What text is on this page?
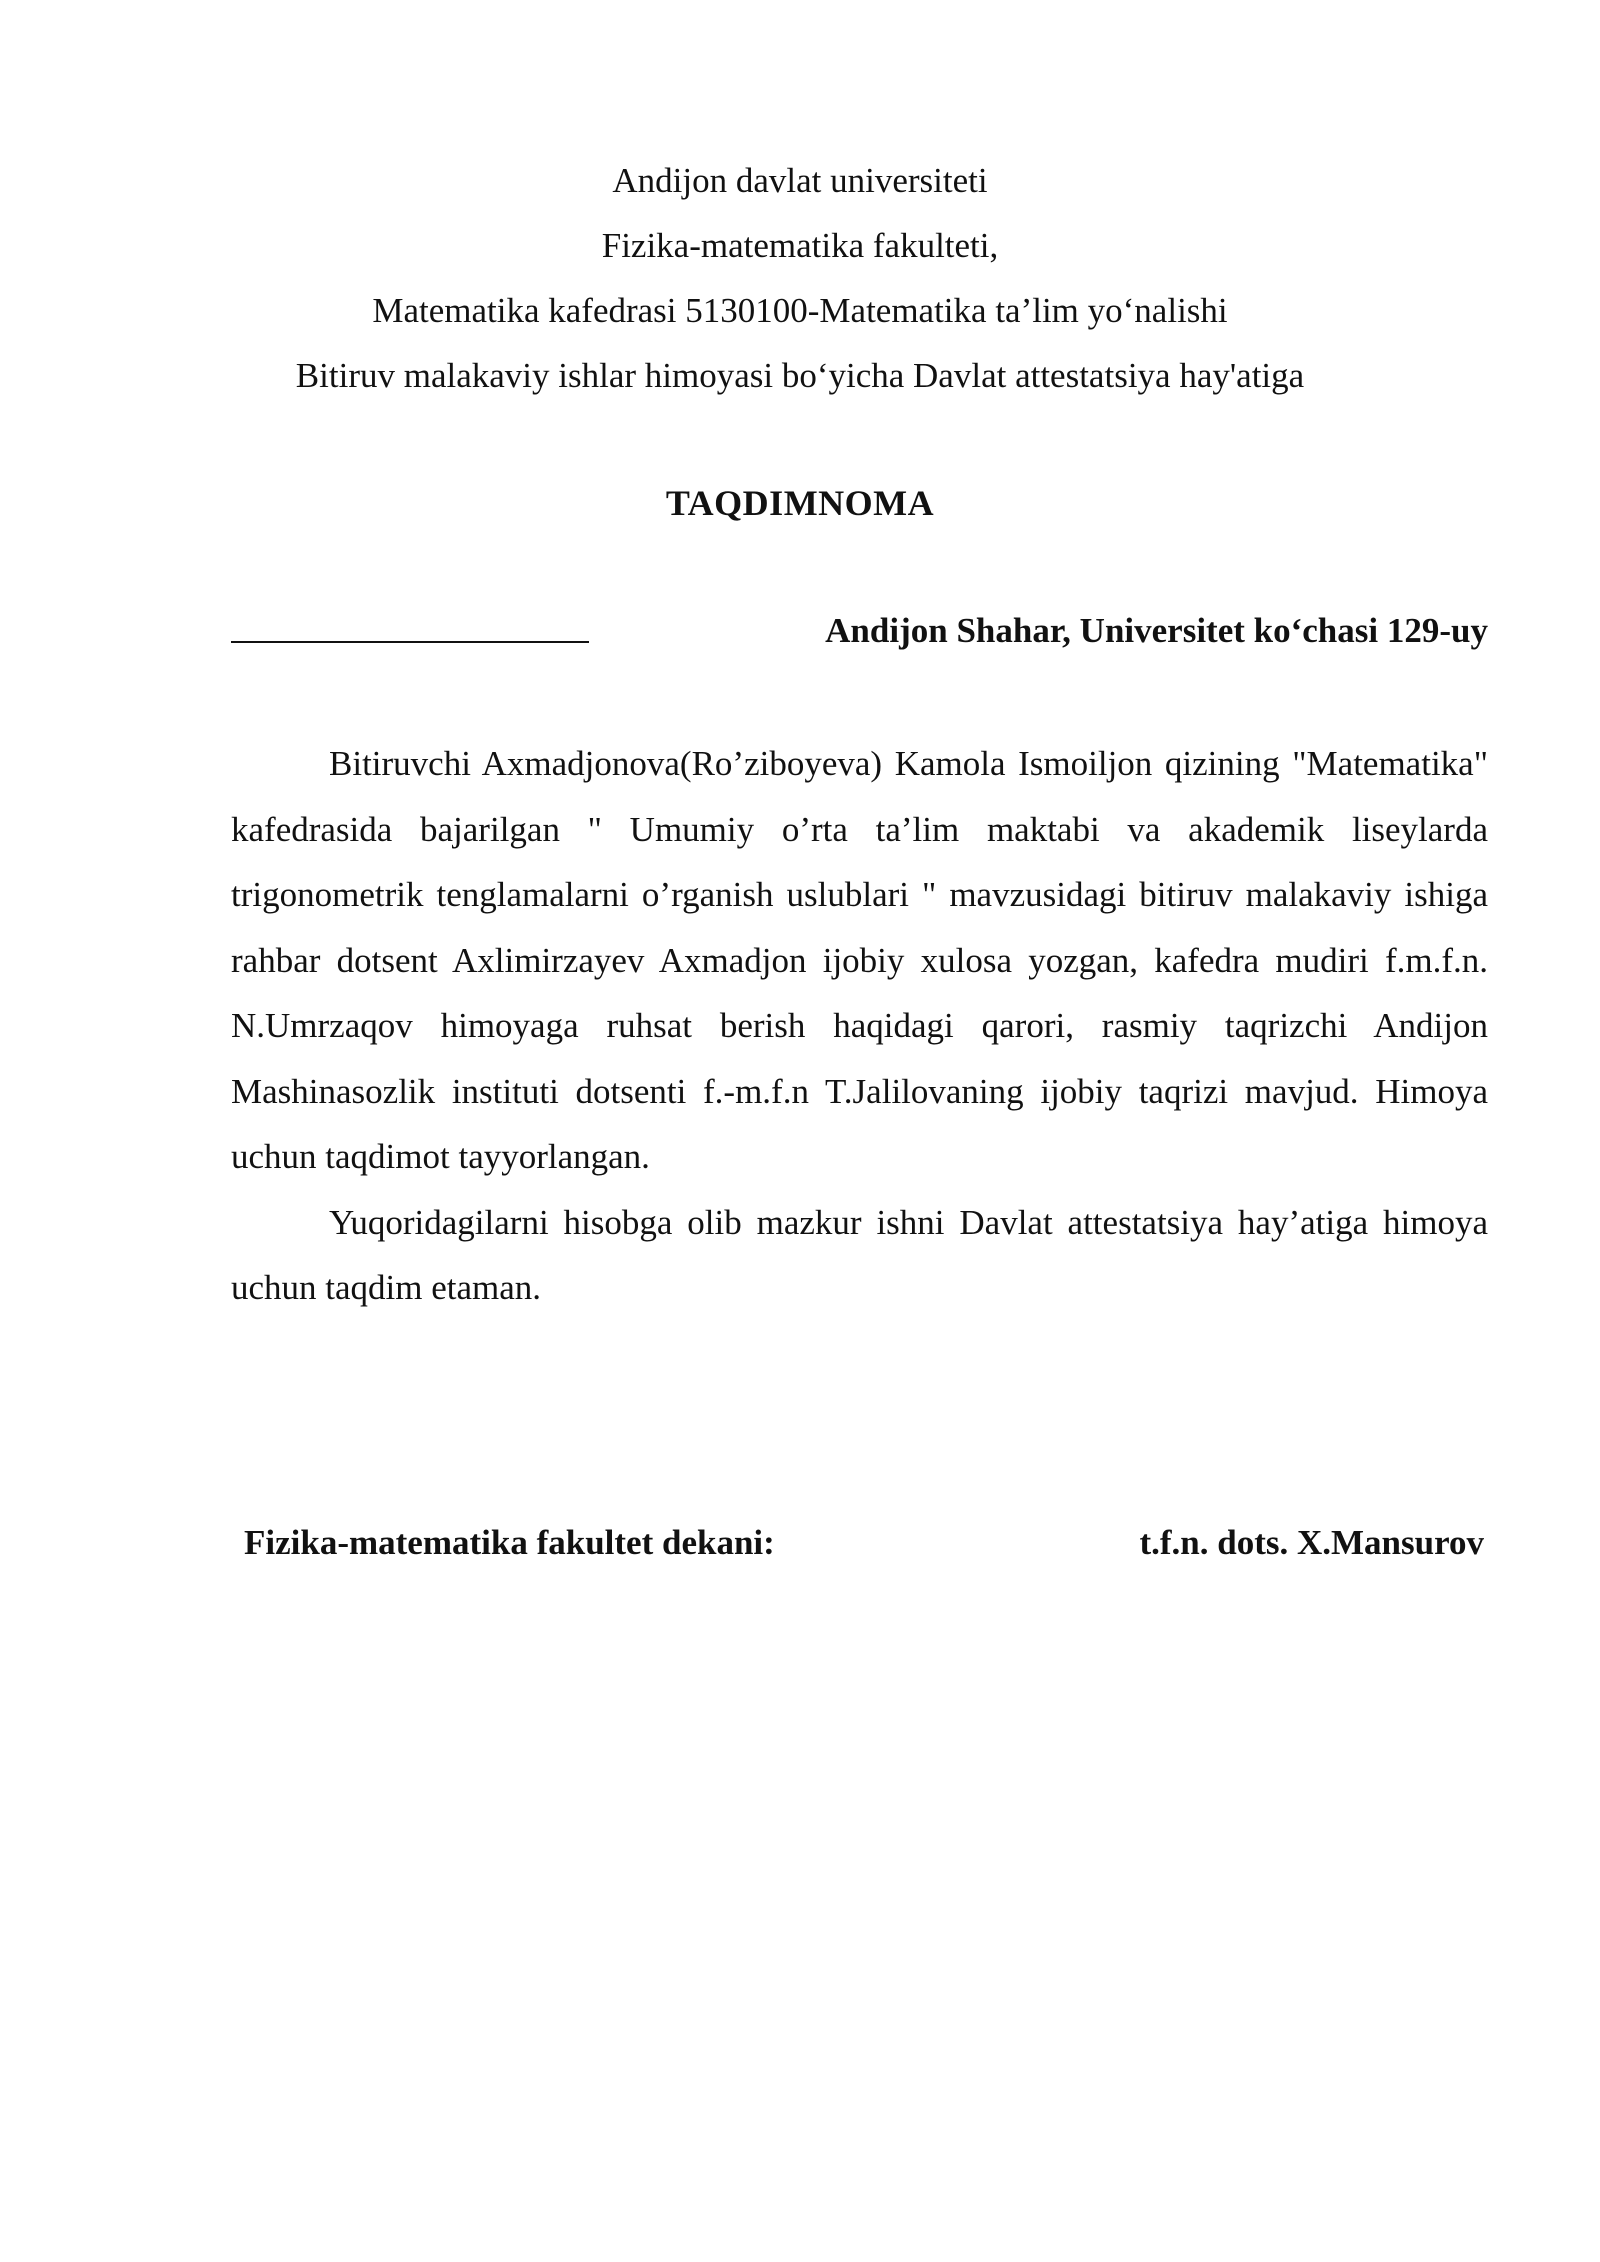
Andijon davlat universiteti
Fizika-matematika fakulteti,
Matematika kafedrasi 5130100-Matematika ta’lim yo‘nalishi
Bitiruv malakaviy ishlar himoyasi bo‘yicha Davlat attestatsiya hay'atiga
TAQDIMNOMA
Andijon Shahar, Universitet ko‘chasi 129-uy

Bitiruvchi Axmadjonova(Ro’ziboyeva) Kamola Ismoiljon qizining "Matematika" kafedrasida bajarilgan " Umumiy o’rta ta’lim maktabi va akademik liseylarda trigonometrik tenglamalarni o’rganish uslublari " mavzusidagi bitiruv malakaviy ishiga rahbar dotsent Axlimirzayev Axmadjon ijobiy xulosa yozgan, kafedra mudiri f.m.f.n. N.Umrzaqov himoyaga ruhsat berish haqidagi qarori, rasmiy taqrizchi Andijon Mashinasozlik instituti dotsenti f.-m.f.n T.Jalilovaning ijobiy taqrizi mavjud. Himoya uchun taqdimot tayyorlangan.

Yuqoridagilarni hisobga olib mazkur ishni Davlat attestatsiya hay’atiga himoya uchun taqdim etaman.

Fizika-matematika fakultet dekani:	t.f.n. dots. X.Mansurov
